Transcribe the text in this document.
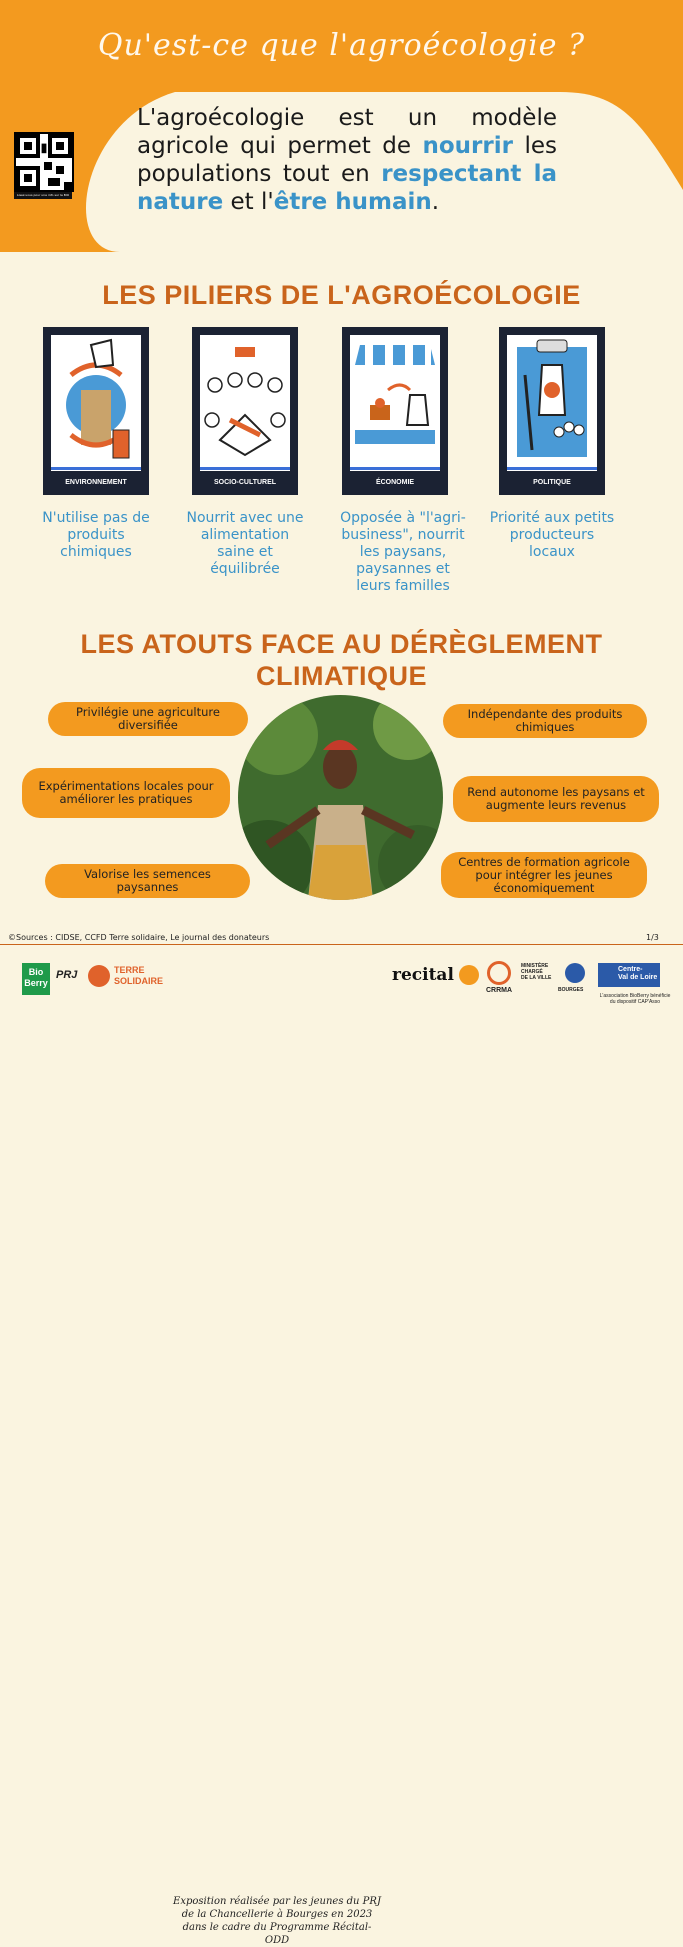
Qu'est-ce que l'agroécologie ?
Lisez-vous pour une info sur le BIO
L'agroécologie est un modèle agricole qui permet de nourrir les populations tout en respectant la nature et l'être humain.
LES PILIERS DE L'AGROÉCOLOGIE
ENVIRONNEMENT	SOCIO-CULTUREL	ÉCONOMIE	POLITIQUE
N'utilise pas de produits chimiques
Nourrit avec une alimentation saine et équilibrée
Opposée à "l'agri-business", nourrit les paysans, paysannes et leurs familles
Priorité aux petits producteurs locaux
LES ATOUTS FACE AU DÉRÈGLEMENT
CLIMATIQUE
Privilégie une agriculture diversifiée
Expérimentations locales pour améliorer les pratiques
Valorise les semences paysannes
Indépendante des produits chimiques
Rend autonome les paysans et augmente leurs revenus
Centres de formation agricole pour intégrer les jeunes économiquement
©Sources : CIDSE, CCFD Terre solidaire, Le journal des donateurs	1/3
Bio
Berry
PRJ	TERRE
SOLIDAIRE
Exposition réalisée par les jeunes du PRJ
de la Chancellerie à Bourges en 2023
dans le cadre du Programme Récital-ODD
recital
CRRMA
MINISTÈRE
CHARGÉ
DE LA VILLE
BOURGES
Centre-
Val de Loire
L'association BioBerry bénéficie
du dispositif CAP'Asso
